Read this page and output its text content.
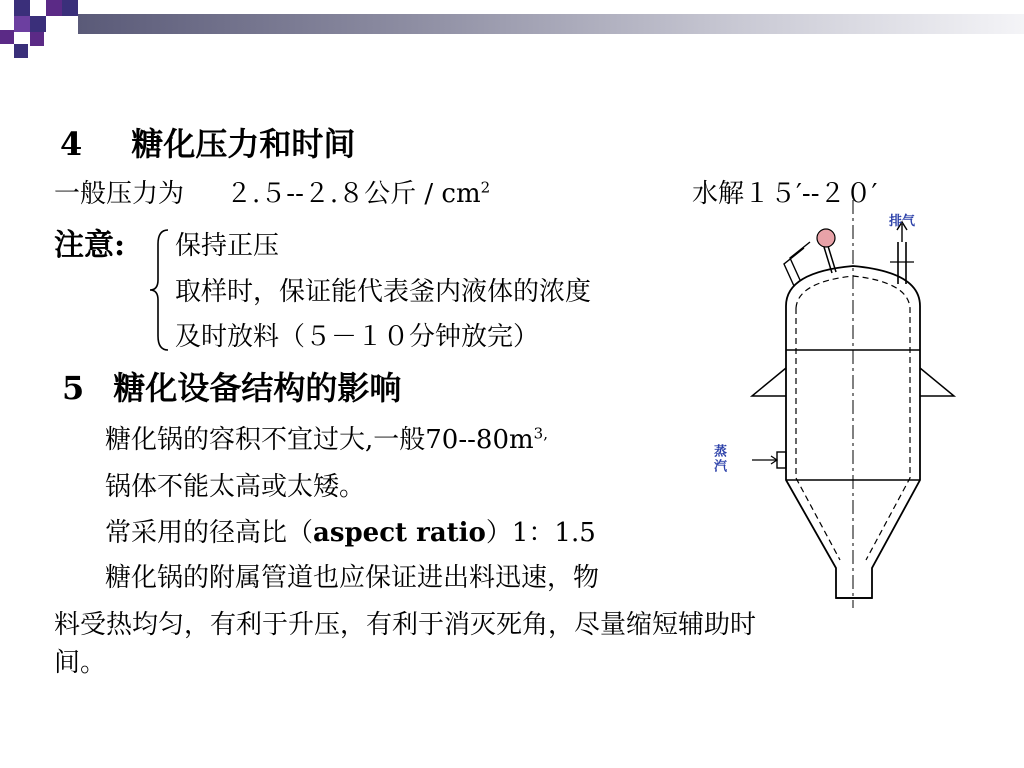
4 糖化压力和时间
一般压力为 ２.５--２.８公斤 / $cm^2$	水解１５′--２０′
注意: 保持正压
取样时，保证能代表釜内液体的浓度
及时放料（５－１０分钟放完）
5 糖化设备结构的影响
糖化锅的容积不宜过大,一般$70--80m^{3,}$
锅体不能太高或太矮。
常采用的径高比（aspect ratio）1：1.5
糖化锅的附属管道也应保证进出料迅速，物
料受热均匀，有利于升压，有利于消灭死角，尽量缩短辅助时
间。
排气
蒸汽
